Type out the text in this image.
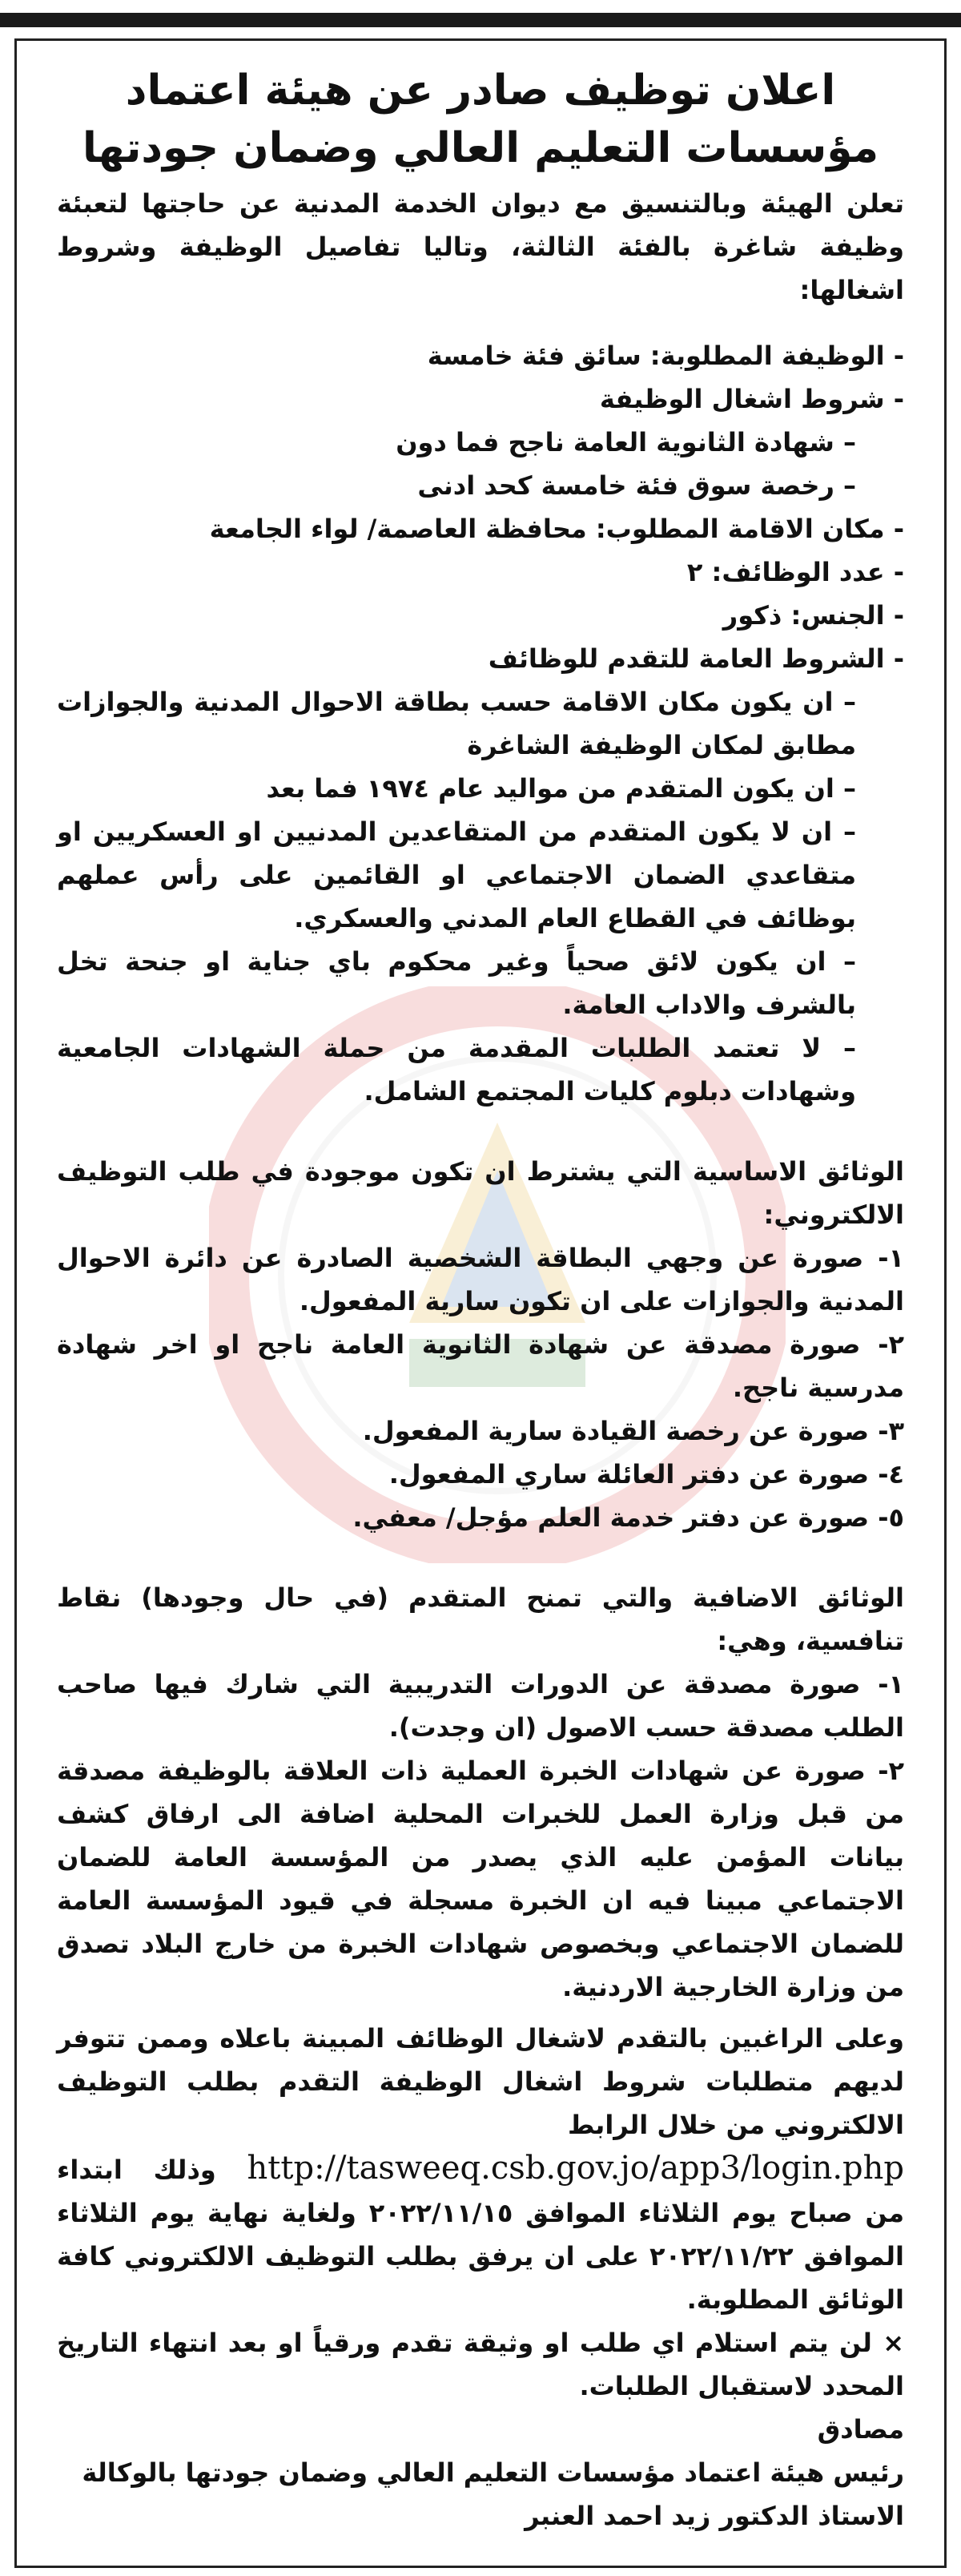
اعلان توظيف صادر عن هيئة اعتماد
مؤسسات التعليم العالي وضمان جودتها

تعلن الهيئة وبالتنسيق مع ديوان الخدمة المدنية عن حاجتها لتعبئة وظيفة شاغرة بالفئة الثالثة، وتاليا تفاصيل الوظيفة وشروط اشغالها:

- الوظيفة المطلوبة: سائق فئة خامسة
- شروط اشغال الوظيفة
– شهادة الثانوية العامة ناجح فما دون
– رخصة سوق فئة خامسة كحد ادنى
- مكان الاقامة المطلوب: محافظة العاصمة/ لواء الجامعة
- عدد الوظائف: ٢
- الجنس: ذكور
- الشروط العامة للتقدم للوظائف
– ان يكون مكان الاقامة حسب بطاقة الاحوال المدنية والجوازات مطابق لمكان الوظيفة الشاغرة
– ان يكون المتقدم من مواليد عام ١٩٧٤ فما بعد
– ان لا يكون المتقدم من المتقاعدين المدنيين او العسكريين او متقاعدي الضمان الاجتماعي او القائمين على رأس عملهم بوظائف في القطاع العام المدني والعسكري.
– ان يكون لائق صحياً وغير محكوم باي جناية او جنحة تخل بالشرف والاداب العامة.
– لا تعتمد الطلبات المقدمة من حملة الشهادات الجامعية وشهادات دبلوم كليات المجتمع الشامل.

الوثائق الاساسية التي يشترط ان تكون موجودة في طلب التوظيف الالكتروني:

١- صورة عن وجهي البطاقة الشخصية الصادرة عن دائرة الاحوال المدنية والجوازات على ان تكون سارية المفعول.

٢- صورة مصدقة عن شهادة الثانوية العامة ناجح او اخر شهادة مدرسية ناجح.

٣- صورة عن رخصة القيادة سارية المفعول.

٤- صورة عن دفتر العائلة ساري المفعول.

٥- صورة عن دفتر خدمة العلم مؤجل/ معفي.

الوثائق الاضافية والتي تمنح المتقدم (في حال وجودها) نقاط تنافسية، وهي:

١- صورة مصدقة عن الدورات التدريبية التي شارك فيها صاحب الطلب مصدقة حسب الاصول (ان وجدت).

٢- صورة عن شهادات الخبرة العملية ذات العلاقة بالوظيفة مصدقة من قبل وزارة العمل للخبرات المحلية اضافة الى ارفاق كشف بيانات المؤمن عليه الذي يصدر من المؤسسة العامة للضمان الاجتماعي مبينا فيه ان الخبرة مسجلة في قيود المؤسسة العامة للضمان الاجتماعي وبخصوص شهادات الخبرة من خارج البلاد تصدق من وزارة الخارجية الاردنية.

وعلى الراغبين بالتقدم لاشغال الوظائف المبينة باعلاه وممن تتوفر لديهم متطلبات شروط اشغال الوظيفة التقدم بطلب التوظيف الالكتروني من خلال الرابط

http://tasweeq.csb.gov.jo/app3/login.php وذلك ابتداء من صباح يوم الثلاثاء الموافق ٢٠٢٢/١١/١٥ ولغاية نهاية يوم الثلاثاء الموافق ٢٠٢٢/١١/٢٢ على ان يرفق بطلب التوظيف الالكتروني كافة الوثائق المطلوبة.

× لن يتم استلام اي طلب او وثيقة تقدم ورقياً او بعد انتهاء التاريخ المحدد لاستقبال الطلبات.

مصادق

رئيس هيئة اعتماد مؤسسات التعليم العالي وضمان جودتها بالوكالة

الاستاذ الدكتور زيد احمد العنبر
